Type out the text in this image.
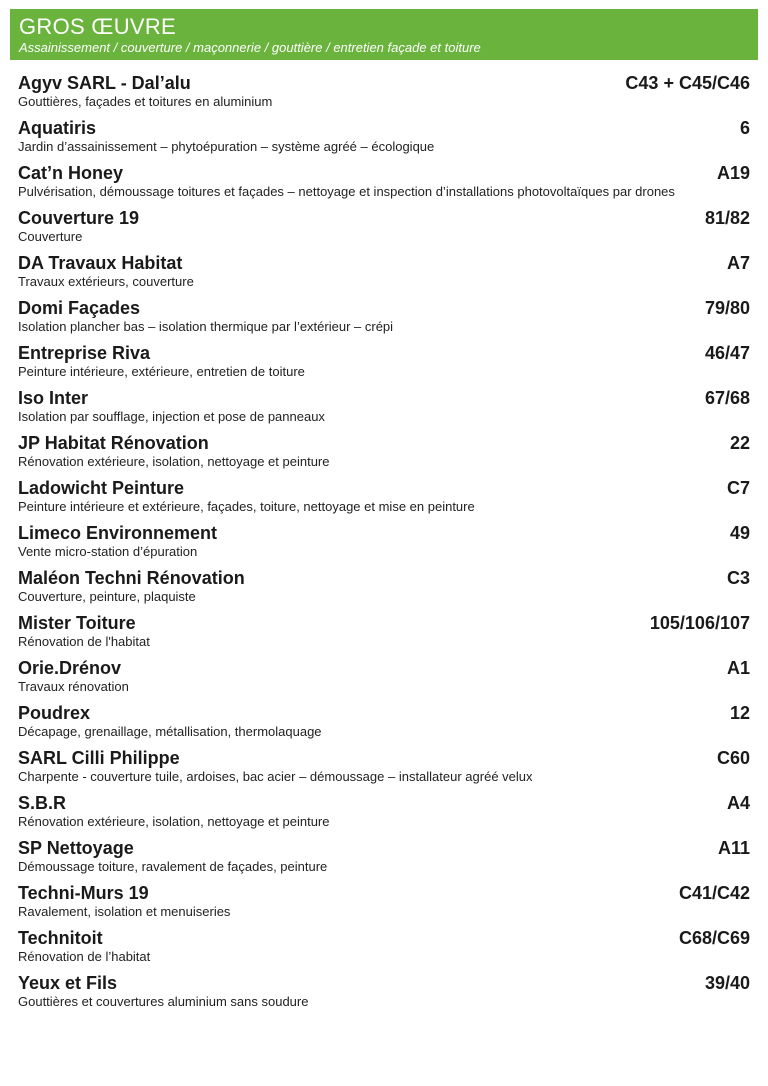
GROS ŒUVRE
Assainissement / couverture / maçonnerie / gouttière / entretien façade et toiture
Agyv SARL - Dal’alu	C43 + C45/C46
Gouttières, façades et toitures en aluminium
Aquatiris	6
Jardin d’assainissement – phytoépuration – système agréé – écologique
Cat’n Honey	A19
Pulvérisation, démoussage toitures et façades – nettoyage et inspection d’installations photovoltaïques par drones
Couverture 19	81/82
Couverture
DA Travaux Habitat	A7
Travaux extérieurs, couverture
Domi Façades	79/80
Isolation plancher bas – isolation thermique par l’extérieur – crépi
Entreprise Riva	46/47
Peinture intérieure, extérieure, entretien de toiture
Iso Inter	67/68
Isolation par soufflage, injection et pose de panneaux
JP Habitat Rénovation	22
Rénovation extérieure, isolation, nettoyage et peinture
Ladowicht Peinture	C7
Peinture intérieure et extérieure, façades, toiture, nettoyage et mise en peinture
Limeco Environnement	49
Vente micro-station d’épuration
Maléon Techni Rénovation	C3
Couverture, peinture, plaquiste
Mister Toiture	105/106/107
Rénovation de l'habitat
Orie.Drénov	A1
Travaux rénovation
Poudrex	12
Décapage, grenaillage, métallisation, thermolaquage
SARL Cilli Philippe	C60
Charpente - couverture tuile, ardoises, bac acier – démoussage – installateur agréé velux
S.B.R	A4
Rénovation extérieure, isolation, nettoyage et peinture
SP Nettoyage	A11
Démoussage toiture, ravalement de façades, peinture
Techni-Murs 19	C41/C42
Ravalement, isolation et menuiseries
Technitoit	C68/C69
Rénovation de l’habitat
Yeux et Fils	39/40
Gouttières et couvertures aluminium sans soudure
